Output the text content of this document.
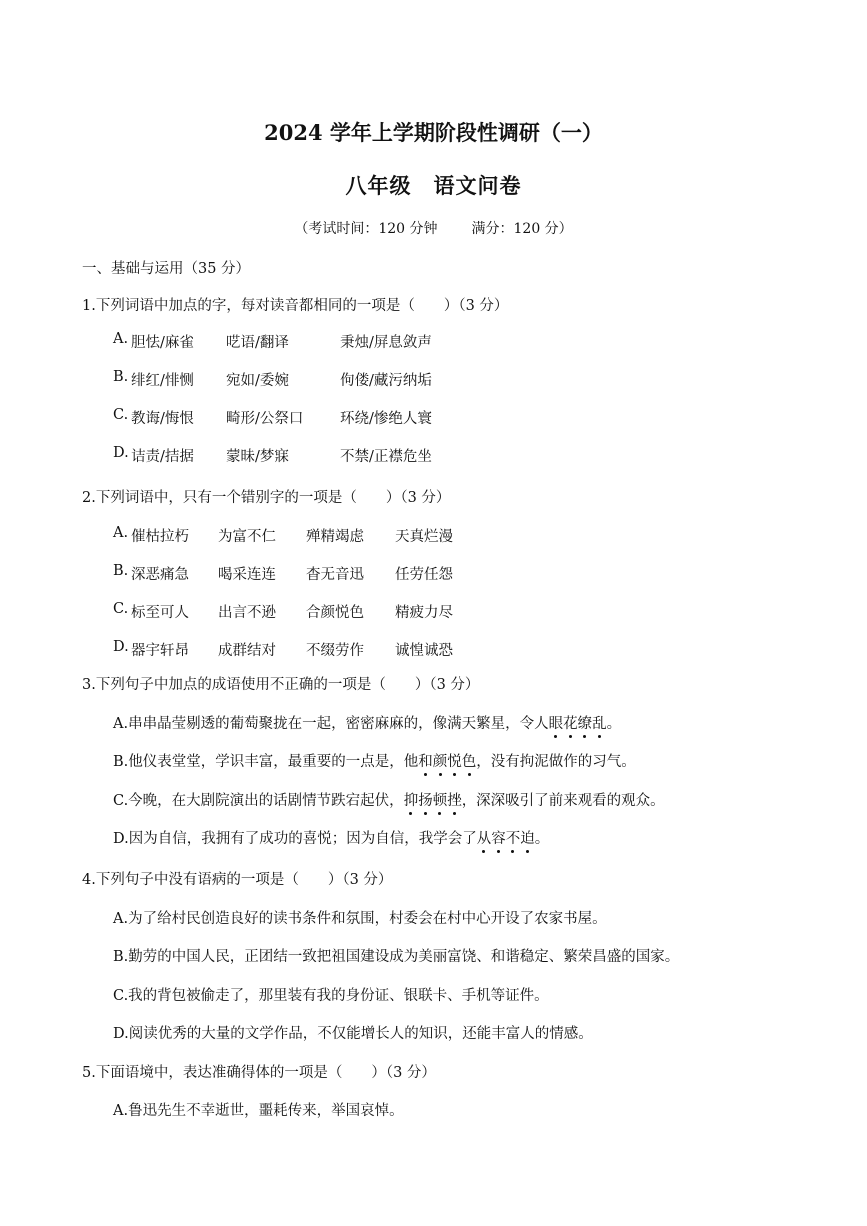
2024 学年上学期阶段性调研（一）
八年级　语文问卷
（考试时间：120 分钟 满分：120 分）
一、基础与运用（35 分）
1.下列词语中加点的字，每对读音都相同的一项是（　　）（3 分）
A. 胆怯/麻雀 呓语/翻译	秉烛/屏息敛声
B. 绯红/悱恻 宛如/委婉	佝偻/藏污纳垢
C. 教诲/悔恨 畸形/公祭口	环绕/惨绝人寰
D. 诘责/拮据 蒙昧/梦寐	不禁/正襟危坐
2.下列词语中，只有一个错别字的一项是（　　）（3 分）
A. 催枯拉朽 为富不仁 殚精竭虑 天真烂漫
B. 深恶痛急 喝采连连 杳无音迅 任劳任怨
C. 标至可人 出言不逊 合颜悦色 精疲力尽
D. 器宇轩昂 成群结对 不缀劳作 诚惶诚恐
3.下列句子中加点的成语使用不正确的一项是（　　）（3 分）
A.串串晶莹剔透的葡萄聚拢在一起，密密麻麻的，像满天繁星，令人眼花缭乱。
B.他仪表堂堂，学识丰富，最重要的一点是，他和颜悦色，没有拘泥做作的习气。
C.今晚，在大剧院演出的话剧情节跌宕起伏，抑扬顿挫，深深吸引了前来观看的观众。
D.因为自信，我拥有了成功的喜悦；因为自信，我学会了从容不迫。
4.下列句子中没有语病的一项是（　　）（3 分）
A.为了给村民创造良好的读书条件和氛围，村委会在村中心开设了农家书屋。
B.勤劳的中国人民，正团结一致把祖国建设成为美丽富饶、和谐稳定、繁荣昌盛的国家。
C.我的背包被偷走了，那里装有我的身份证、银联卡、手机等证件。
D.阅读优秀的大量的文学作品，不仅能增长人的知识，还能丰富人的情感。
5.下面语境中，表达准确得体的一项是（　　）（3 分）
A.鲁迅先生不幸逝世，噩耗传来，举国哀悼。
